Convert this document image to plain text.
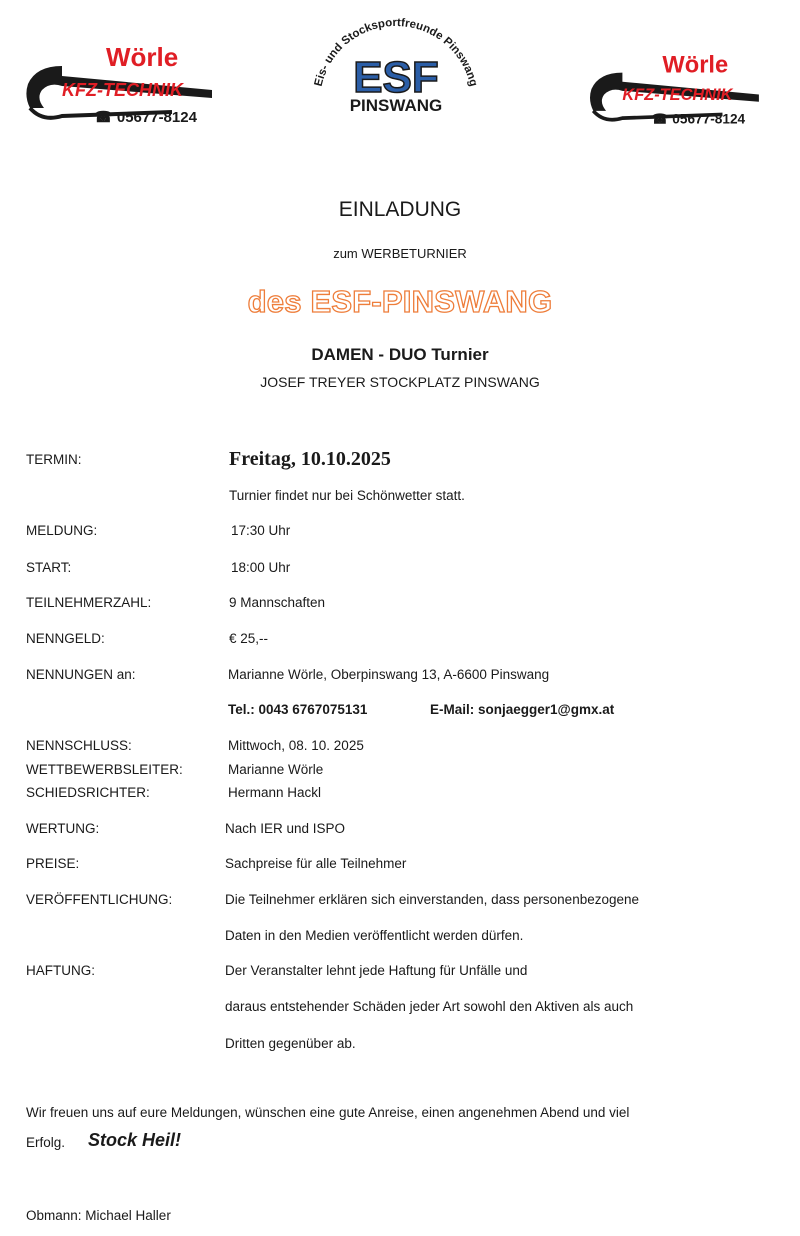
Wörle
KFZ-TECHNIK
☎ 05677-8124
Eis- und Stocksportfreunde Pinswang
ESF
PINSWANG
Wörle
KFZ-TECHNIK
☎ 05677-8124
EINLADUNG
zum WERBETURNIER
des ESF-PINSWANG
DAMEN - DUO Turnier
JOSEF TREYER STOCKPLATZ PINSWANG
TERMIN:	Freitag, 10.10.2025
Turnier findet nur bei Schönwetter statt.
MELDUNG:	17:30 Uhr
START:	18:00 Uhr
TEILNEHMERZAHL:	9 Mannschaften
NENNGELD:	€ 25,--
NENNUNGEN an:	Marianne Wörle, Oberpinswang 13, A-6600 Pinswang
Tel.: 0043 6767075131	E-Mail: sonjaegger1@gmx.at
NENNSCHLUSS:	Mittwoch, 08. 10. 2025
WETTBEWERBSLEITER:	Marianne Wörle
SCHIEDSRICHTER:	Hermann Hackl
WERTUNG:	Nach IER und ISPO
PREISE:	Sachpreise für alle Teilnehmer
VERÖFFENTLICHUNG:	Die Teilnehmer erklären sich einverstanden, dass personenbezogene
Daten in den Medien veröffentlicht werden dürfen.
HAFTUNG:	Der Veranstalter lehnt jede Haftung für Unfälle und
daraus entstehender Schäden jeder Art sowohl den Aktiven als auch
Dritten gegenüber ab.
Wir freuen uns auf eure Meldungen, wünschen eine gute Anreise, einen angenehmen Abend und viel
Erfolg. Stock Heil!
Obmann: Michael Haller
